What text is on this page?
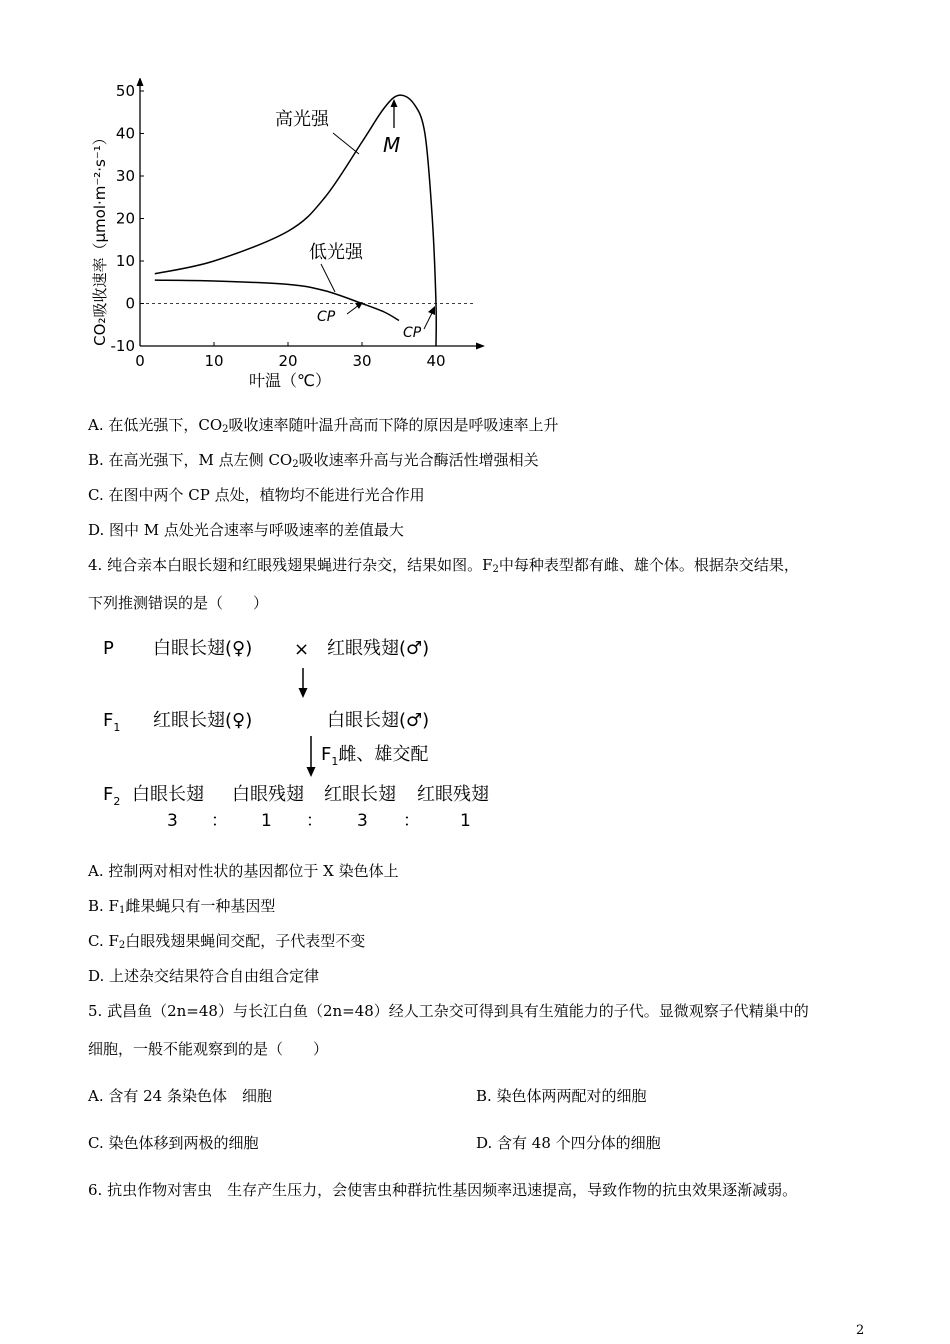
0	10	20	30	40
50
40
30
20
10
0
-10
CO₂吸收速率（μmol·m⁻²·s⁻¹）
叶温（℃）
高光强
低光强
M
CP
CP
A. 在低光强下，$CO_2$吸收速率随叶温升高而下降的原因是呼吸速率上升
B. 在高光强下，M 点左侧 $CO_2$吸收速率升高与光合酶活性增强相关
C. 在图中两个 CP 点处，植物均不能进行光合作用
D. 图中 M 点处光合速率与呼吸速率的差值最大
4. 纯合亲本白眼长翅和红眼残翅果蝇进行杂交，结果如图。$F_2$中每种表型都有雌、雄个体。根据杂交结果，
下列推测错误的是（　　）
P 白眼长翅(♀) × 红眼残翅(♂)
$F_1$ 红眼长翅(♀)	白眼长翅(♂)
$F_1$雌、雄交配
$F_2$ 白眼长翅 白眼残翅 红眼长翅 红眼残翅
3 ： 1 ： 3 ： 1
A. 控制两对相对性状的基因都位于 X 染色体上
B. $F_1$雌果蝇只有一种基因型
C. $F_2$白眼残翅果蝇间交配，子代表型不变
D. 上述杂交结果符合自由组合定律
5. 武昌鱼（2n=48）与长江白鱼（2n=48）经人工杂交可得到具有生殖能力的子代。显微观察子代精巢中的
细胞，一般不能观察到的是（　　）
A. 含有 24 条染色体　细胞	B. 染色体两两配对的细胞
C. 染色体移到两极的细胞	D. 含有 48 个四分体的细胞
6. 抗虫作物对害虫　生存产生压力，会使害虫种群抗性基因频率迅速提高，导致作物的抗虫效果逐渐减弱。
2
